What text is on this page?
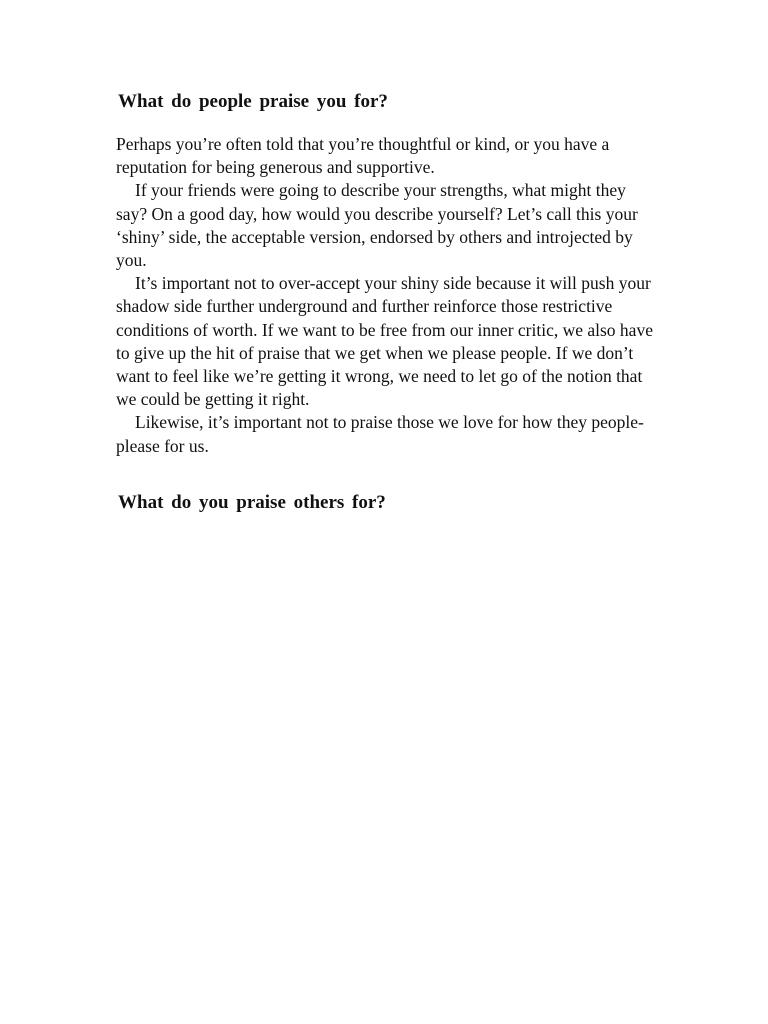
What do people praise you for?

Perhaps you’re often told that you’re thoughtful or kind, or you have a reputation for being generous and supportive.

If your friends were going to describe your strengths, what might they say? On a good day, how would you describe yourself? Let’s call this your ‘shiny’ side, the acceptable version, endorsed by others and introjected by you.

It’s important not to over-accept your shiny side because it will push your shadow side further underground and further reinforce those restrictive conditions of worth. If we want to be free from our inner critic, we also have to give up the hit of praise that we get when we please people. If we don’t want to feel like we’re getting it wrong, we need to let go of the notion that we could be getting it right.

Likewise, it’s important not to praise those we love for how they people-please for us.

What do you praise others for?
